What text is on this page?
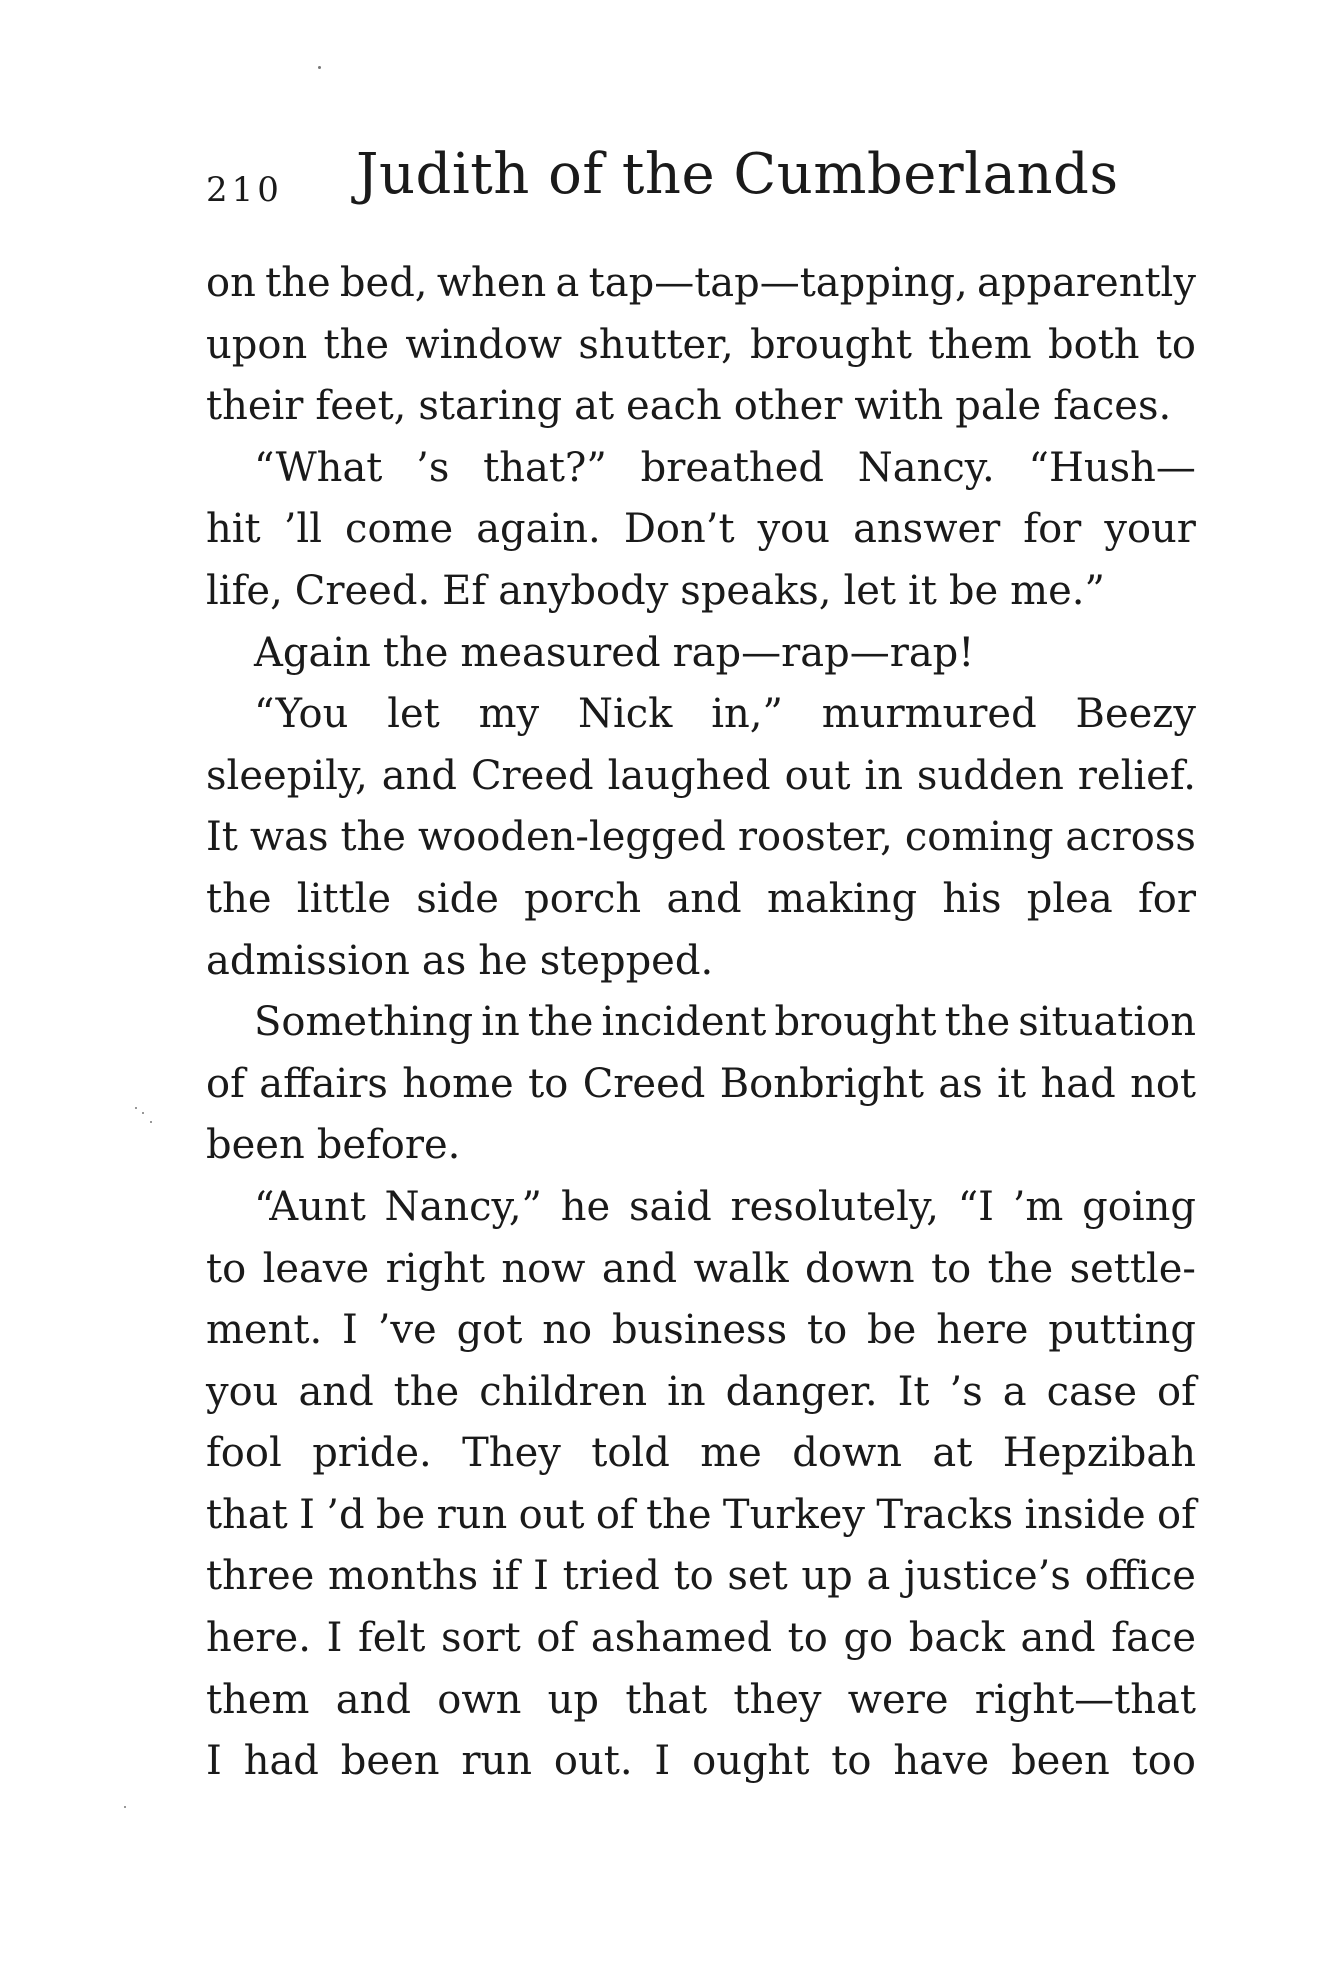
210 Judith of the Cumberlands
on the bed, when a tap—tap—tapping, apparently
upon the window shutter, brought them both to
their feet, staring at each other with pale faces.
“What ’s that?” breathed Nancy. “Hush—
hit ’ll come again. Don’t you answer for your
life, Creed. Ef anybody speaks, let it be me.”
Again the measured rap—rap—rap!
“You let my Nick in,” murmured Beezy
sleepily, and Creed laughed out in sudden relief.
It was the wooden-legged rooster, coming across
the little side porch and making his plea for
admission as he stepped.
Something in the incident brought the situation
of affairs home to Creed Bonbright as it had not
been before.
“Aunt Nancy,” he said resolutely, “I ’m going
to leave right now and walk down to the settle-
ment. I ’ve got no business to be here putting
you and the children in danger. It ’s a case of
fool pride. They told me down at Hepzibah
that I ’d be run out of the Turkey Tracks inside of
three months if I tried to set up a justice’s office
here. I felt sort of ashamed to go back and face
them and own up that they were right—that
I had been run out. I ought to have been too
